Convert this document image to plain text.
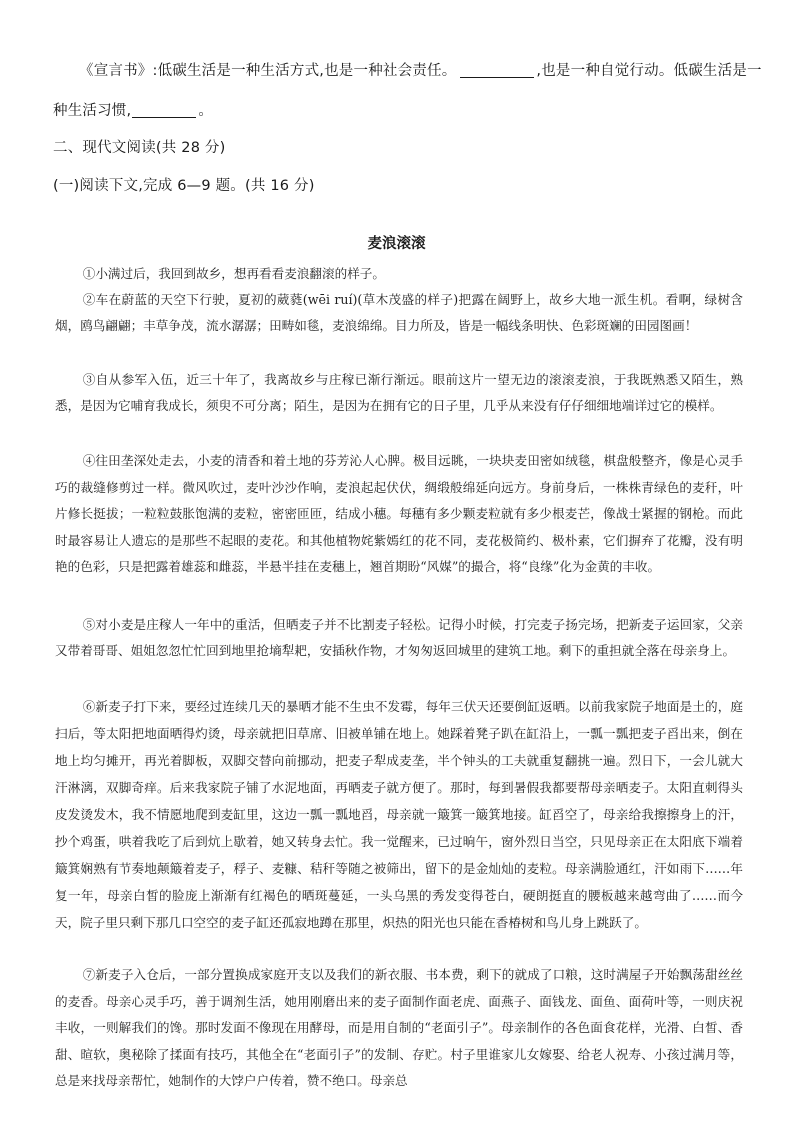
《宣言书》:低碳生活是一种生活方式,也是一种社会责任。	,也是一种自觉行动。低碳生活是一
种生活习惯,	。
二、现代文阅读(共 28 分)
(一)阅读下文,完成 6—9 题。(共 16 分)
麦浪滚滚

①小满过后，我回到故乡，想再看看麦浪翻滚的样子。

②车在蔚蓝的天空下行驶，夏初的葳蕤(wēi ruí)(草木茂盛的样子)把露在阔野上，故乡大地一派生机。看啊，绿树含烟，鸥鸟翩翩；丰草争茂，流水潺潺；田畴如毯，麦浪绵绵。目力所及，皆是一幅线条明快、色彩斑斓的田园图画！

③自从参军入伍，近三十年了，我离故乡与庄稼已渐行渐远。眼前这片一望无边的滚滚麦浪，于我既熟悉又陌生，熟悉，是因为它哺育我成长，须臾不可分离；陌生，是因为在拥有它的日子里，几乎从来没有仔仔细细地端详过它的模样。

④往田垄深处走去，小麦的清香和着土地的芬芳沁人心脾。极目远眺，一块块麦田密如绒毯，棋盘般整齐，像是心灵手巧的裁缝修剪过一样。微风吹过，麦叶沙沙作响，麦浪起起伏伏，绸缎般绵延向远方。身前身后，一株株青绿色的麦秆，叶片修长挺拔；一粒粒鼓胀饱满的麦粒，密密匝匝，结成小穗。每穗有多少颗麦粒就有多少根麦芒，像战士紧握的钢枪。而此时最容易让人遗忘的是那些不起眼的麦花。和其他植物姹紫嫣红的花不同，麦花极简约、极朴素，它们摒弃了花瓣，没有明艳的色彩，只是把露着雄蕊和雌蕊，半悬半挂在麦穗上，翘首期盼“风媒”的撮合，将“良缘”化为金黄的丰收。

⑤对小麦是庄稼人一年中的重活，但晒麦子并不比割麦子轻松。记得小时候，打完麦子扬完场，把新麦子运回家，父亲又带着哥哥、姐姐忽忽忙忙回到地里抢墒犁耙，安插秋作物，才匆匆返回城里的建筑工地。剩下的重担就全落在母亲身上。

⑥新麦子打下来，要经过连续几天的暴晒才能不生虫不发霉，每年三伏天还要倒缸返晒。以前我家院子地面是土的，庭扫后，等太阳把地面晒得灼烫，母亲就把旧草席、旧被单铺在地上。她踩着凳子趴在缸沿上，一瓢一瓢把麦子舀出来，倒在地上均匀摊开，再光着脚板，双脚交替向前挪动，把麦子犁成麦垄，半个钟头的工夫就重复翻挑一遍。烈日下，一会儿就大汗淋漓，双脚奇痒。后来我家院子铺了水泥地面，再晒麦子就方便了。那时，每到暑假我都要帮母亲晒麦子。太阳直刺得头皮发烫发木，我不情愿地爬到麦缸里，这边一瓢一瓢地舀，母亲就一簸箕一簸箕地接。缸舀空了，母亲给我擦擦身上的汗，抄个鸡蛋，哄着我吃了后到炕上歇着，她又转身去忙。我一觉醒来，已过晌午，窗外烈日当空，只见母亲正在太阳底下端着簸箕娴熟有节奏地颠簸着麦子，稃子、麦糠、秸秆等随之被筛出，留下的是金灿灿的麦粒。母亲满脸通红，汗如雨下……年复一年，母亲白皙的脸庞上渐渐有红褐色的晒斑蔓延，一头乌黑的秀发变得苍白，硬朗挺直的腰板越来越弯曲了……而今天，院子里只剩下那几口空空的麦子缸还孤寂地蹲在那里，炽热的阳光也只能在香椿树和鸟儿身上跳跃了。

⑦新麦子入仓后，一部分置换成家庭开支以及我们的新衣服、书本费，剩下的就成了口粮，这时满屋子开始飘荡甜丝丝的麦香。母亲心灵手巧，善于调剂生活，她用刚磨出来的麦子面制作面老虎、面燕子、面钱龙、面鱼、面荷叶等，一则庆祝丰收，一则解我们的馋。那时发面不像现在用酵母，而是用自制的“老面引子”。母亲制作的各色面食花样，光滑、白皙、香甜、暄软，奥秘除了揉面有技巧，其他全在“老面引子”的发制、存贮。村子里谁家儿女嫁娶、给老人祝寿、小孩过满月等，总是来找母亲帮忙，她制作的大饽户户传着，赞不绝口。母亲总
